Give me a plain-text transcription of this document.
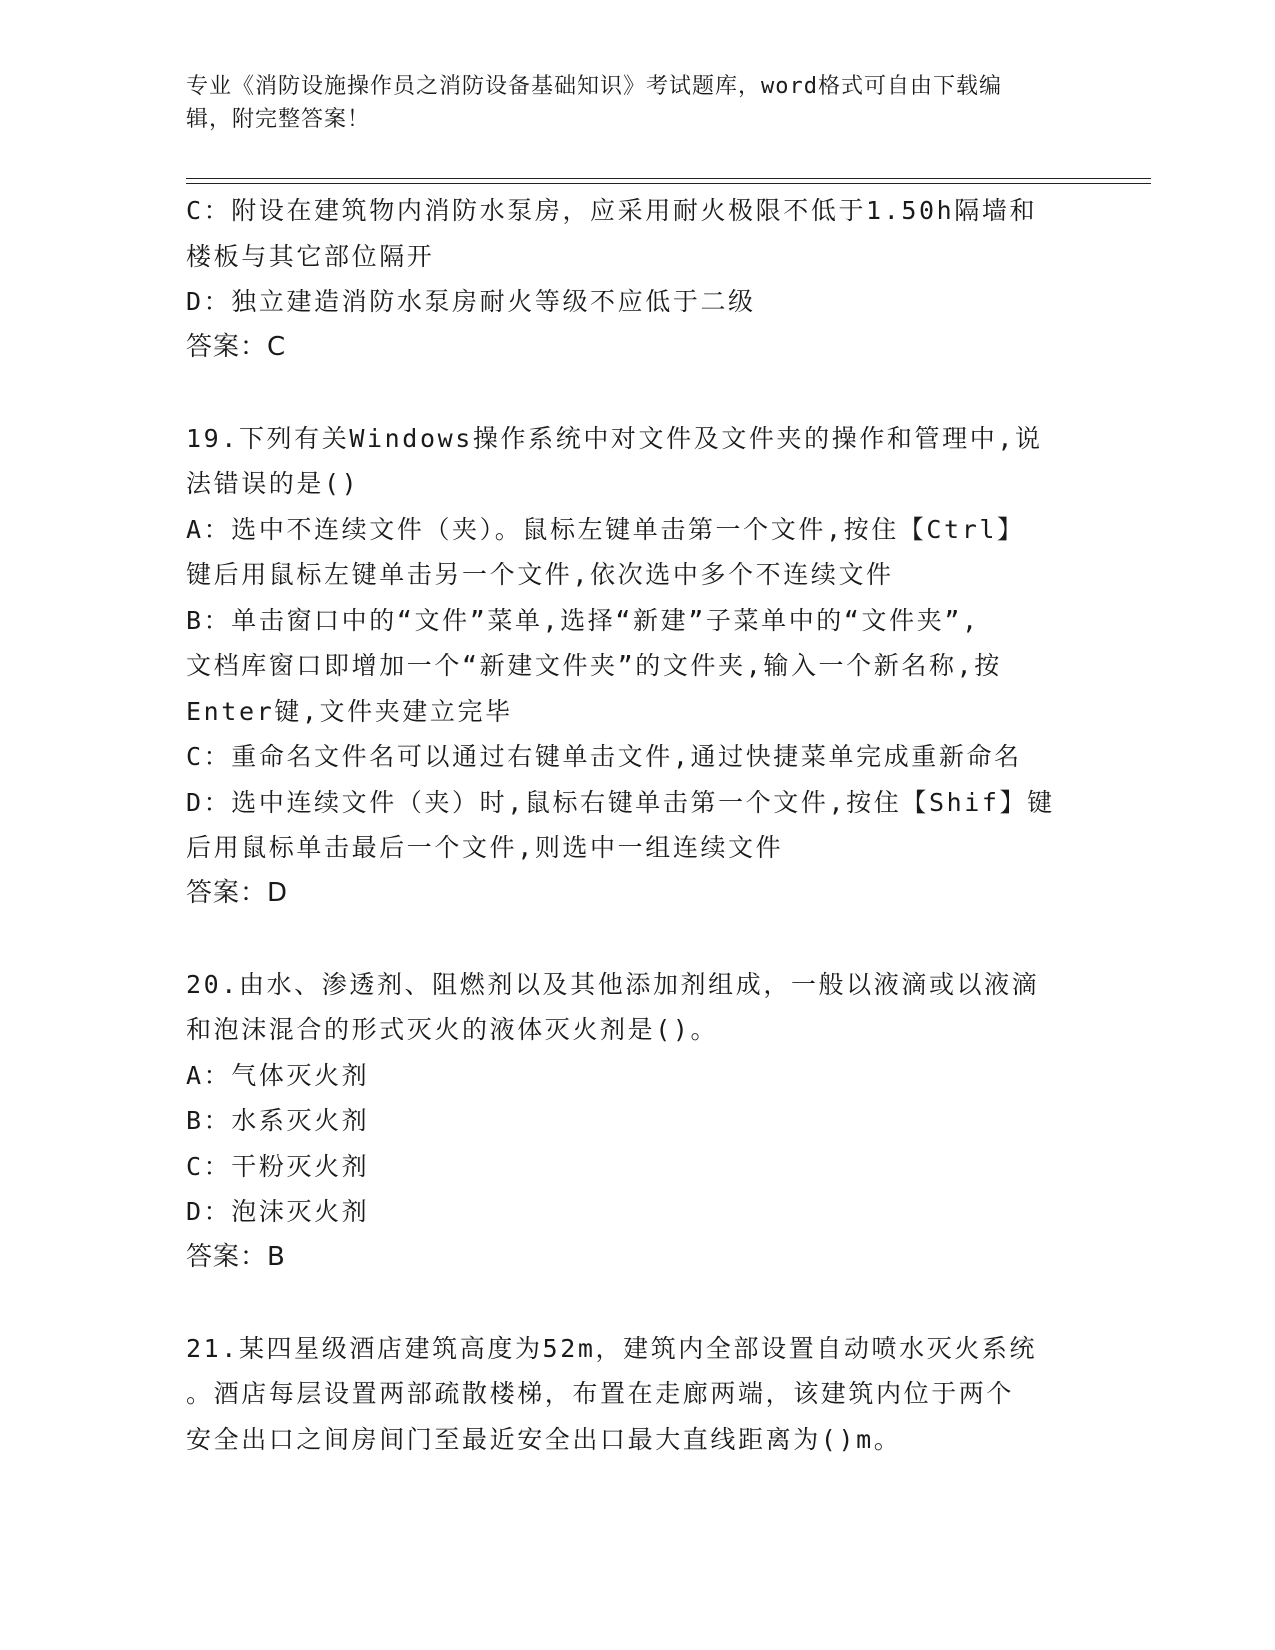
专业《消防设施操作员之消防设备基础知识》考试题库，word格式可自由下载编
辑，附完整答案！
C：附设在建筑物内消防水泵房，应采用耐火极限不低于1.50h隔墙和
楼板与其它部位隔开
D：独立建造消防水泵房耐火等级不应低于二级
答案：C
19.下列有关Windows操作系统中对文件及文件夹的操作和管理中,说
法错误的是()
A：选中不连续文件（夹）。鼠标左键单击第一个文件,按住【Ctrl】
键后用鼠标左键单击另一个文件,依次选中多个不连续文件
B：单击窗口中的“文件”菜单,选择“新建”子菜单中的“文件夹”,
文档库窗口即增加一个“新建文件夹”的文件夹,输入一个新名称,按
Enter键,文件夹建立完毕
C：重命名文件名可以通过右键单击文件,通过快捷菜单完成重新命名
D：选中连续文件（夹）时,鼠标右键单击第一个文件,按住【Shif】键
后用鼠标单击最后一个文件,则选中一组连续文件
答案：D
20.由水、渗透剂、阻燃剂以及其他添加剂组成，一般以液滴或以液滴
和泡沫混合的形式灭火的液体灭火剂是()。
A：气体灭火剂
B：水系灭火剂
C：干粉灭火剂
D：泡沫灭火剂
答案：B
21.某四星级酒店建筑高度为52m，建筑内全部设置自动喷水灭火系统
。酒店每层设置两部疏散楼梯，布置在走廊两端，该建筑内位于两个
安全出口之间房间门至最近安全出口最大直线距离为()m。
